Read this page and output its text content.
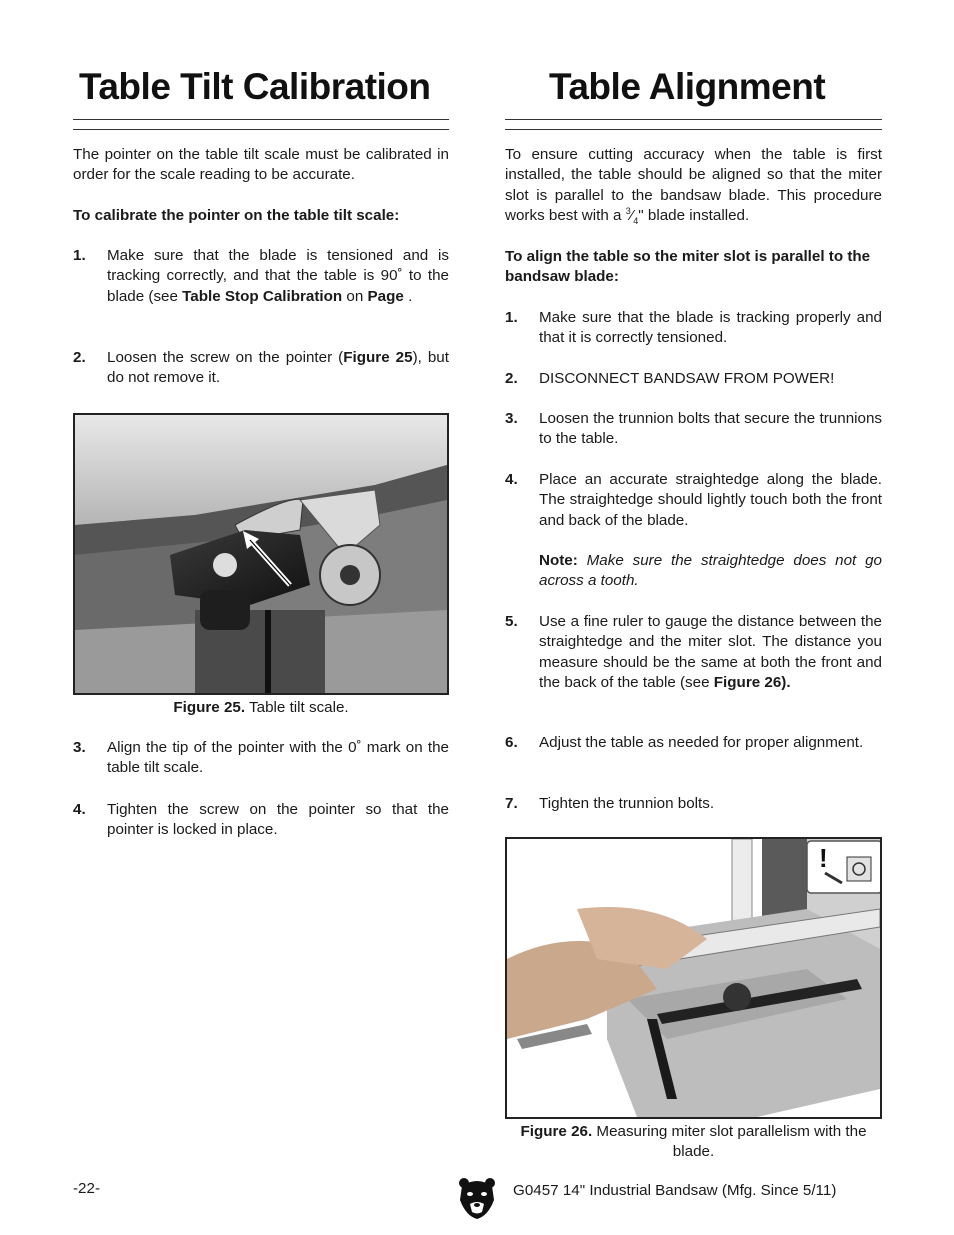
Table Tilt Calibration
The pointer on the table tilt scale must be calibrated in order for the scale reading to be accurate.
To calibrate the pointer on the table tilt scale:
1. Make sure that the blade is tensioned and is tracking correctly, and that the table is 90˚ to the blade (see Table Stop Calibration on Page .
2. Loosen the screw on the pointer (Figure 25), but do not remove it.
Figure 25. Table tilt scale.
3. Align the tip of the pointer with the 0˚ mark on the table tilt scale.
4. Tighten the screw on the pointer so that the pointer is locked in place.
Table Alignment
To ensure cutting accuracy when the table is first installed, the table should be aligned so that the miter slot is parallel to the bandsaw blade. This procedure works best with a $^3⁄_4$" blade installed.
To align the table so the miter slot is parallel to the bandsaw blade:
1. Make sure that the blade is tracking properly and that it is correctly tensioned.
2. DISCONNECT BANDSAW FROM POWER!
3. Loosen the trunnion bolts that secure the trunnions to the table.
4. Place an accurate straightedge along the blade. The straightedge should lightly touch both the front and back of the blade.
Note: Make sure the straightedge does not go across a tooth.
5. Use a fine ruler to gauge the distance between the straightedge and the miter slot. The distance you measure should be the same at both the front and the back of the table (see Figure 26).
6. Adjust the table as needed for proper alignment.
7. Tighten the trunnion bolts.
!
Figure 26. Measuring miter slot parallelism with the blade.
-22-	G0457 14" Industrial Bandsaw (Mfg. Since 5/11)
